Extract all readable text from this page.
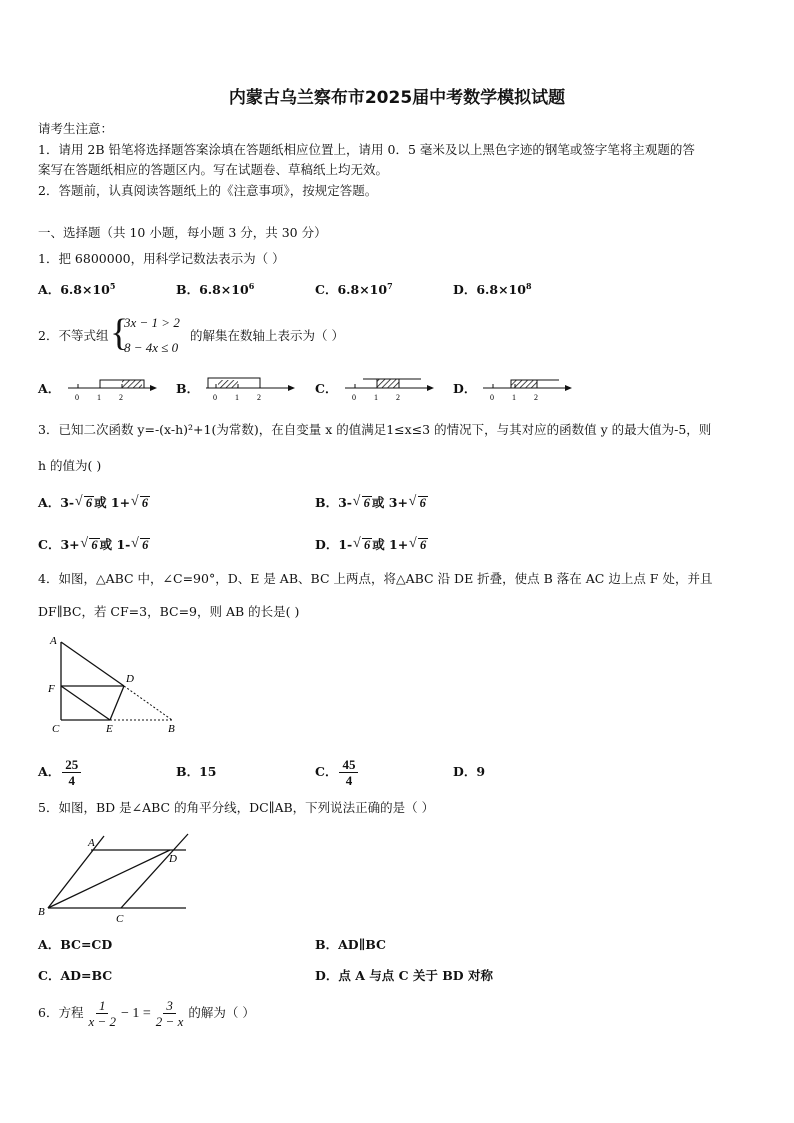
内蒙古乌兰察布市2025届中考数学模拟试题
请考生注意：
1．请用 2B 铅笔将选择题答案涂填在答题纸相应位置上，请用 0．5 毫米及以上黑色字迹的钢笔或签字笔将主观题的答
案写在答题纸相应的答题区内。写在试题卷、草稿纸上均无效。
2．答题前，认真阅读答题纸上的《注意事项》，按规定答题。
一、选择题（共 10 小题，每小题 3 分，共 30 分）
1．把 6800000，用科学记数法表示为（ ）
A．$6.8\times 10^5$	B．$6.8\times 10^6$	C．$6.8\times 10^7$	D．$6.8\times 10^8$
2．不等式组 {
3x − 1 > 2
8 − 4x ≤ 0
的解集在数轴上表示为（ ）
A．	B．	C．	D．
0 1 2	0 1 2	0 1 2	0 1 2
3．已知二次函数 y=-(x-h)²+1(为常数)，在自变量 x 的值满足1≤x≤3 的情况下，与其对应的函数值 y 的最大值为-5，则
h 的值为( )
A．3- √ 6 或 1+ √ 6	B．3- √ 6 或 3+ √ 6
C．3+ √ 6 或 1- √ 6	D．1- √ 6 或 1+ √ 6
4．如图，△ABC 中，∠C=90°，D、E 是 AB、BC 上两点，将△ABC 沿 DE 折叠，使点 B 落在 AC 边上点 F 处，并且
DF∥BC，若 CF=3，BC=9，则 AB 的长是( )
A
F
C
D
E	B
A． $\frac{25}{4}$	B．15	C． $\frac{45}{4}$	D．9
5．如图，BD 是∠ABC 的角平分线，DC∥AB，下列说法正确的是（ ）
A
B
C
D
A．BC=CD	B．AD∥BC
C．AD=BC	D．点 A 与点 C 关于 BD 对称
6．方程 $\frac{1}{x - 2} - 1 = \frac{3}{2 - x}$ 的解为（ ）
